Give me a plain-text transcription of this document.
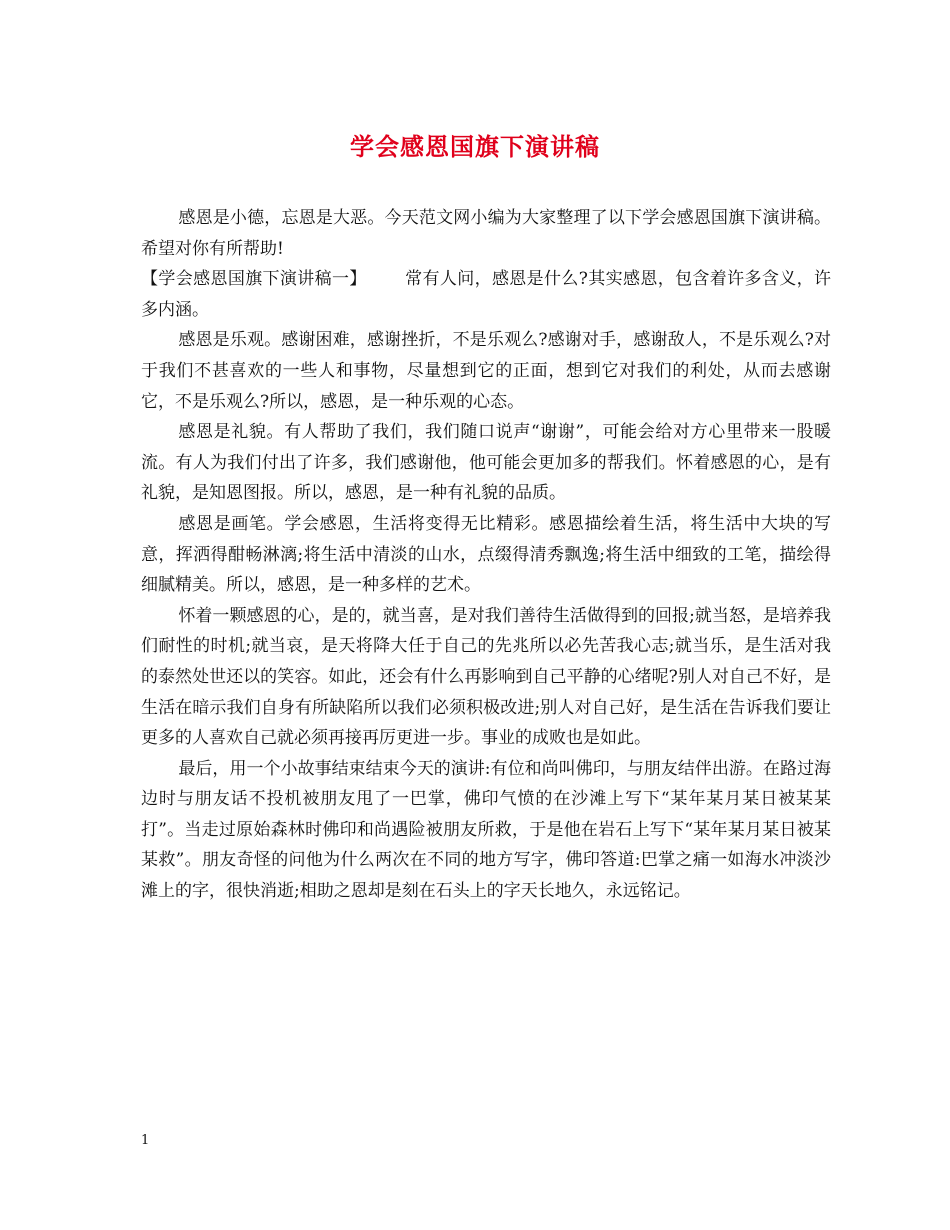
学会感恩国旗下演讲稿

感恩是小德，忘恩是大恶。今天范文网小编为大家整理了以下学会感恩国旗下演讲稿。希望对你有所帮助!

【学会感恩国旗下演讲稿一】 常有人问，感恩是什么?其实感恩，包含着许多含义，许多内涵。

感恩是乐观。感谢困难，感谢挫折，不是乐观么?感谢对手，感谢敌人，不是乐观么?对于我们不甚喜欢的一些人和事物，尽量想到它的正面，想到它对我们的利处，从而去感谢它，不是乐观么?所以，感恩，是一种乐观的心态。

感恩是礼貌。有人帮助了我们，我们随口说声“谢谢”，可能会给对方心里带来一股暖流。有人为我们付出了许多，我们感谢他，他可能会更加多的帮我们。怀着感恩的心，是有礼貌，是知恩图报。所以，感恩，是一种有礼貌的品质。

感恩是画笔。学会感恩，生活将变得无比精彩。感恩描绘着生活，将生活中大块的写意，挥洒得酣畅淋漓;将生活中清淡的山水，点缀得清秀飘逸;将生活中细致的工笔，描绘得细腻精美。所以，感恩，是一种多样的艺术。

怀着一颗感恩的心，是的，就当喜，是对我们善待生活做得到的回报;就当怒，是培养我们耐性的时机;就当哀，是天将降大任于自己的先兆所以必先苦我心志;就当乐，是生活对我的泰然处世还以的笑容。如此，还会有什么再影响到自己平静的心绪呢?别人对自己不好，是生活在暗示我们自身有所缺陷所以我们必须积极改进;别人对自己好，是生活在告诉我们要让更多的人喜欢自己就必须再接再厉更进一步。事业的成败也是如此。

最后，用一个小故事结束结束今天的演讲:有位和尚叫佛印，与朋友结伴出游。在路过海边时与朋友话不投机被朋友甩了一巴掌，佛印气愤的在沙滩上写下“某年某月某日被某某打”。当走过原始森林时佛印和尚遇险被朋友所救，于是他在岩石上写下“某年某月某日被某某救”。朋友奇怪的问他为什么两次在不同的地方写字，佛印答道:巴掌之痛一如海水冲淡沙滩上的字，很快消逝;相助之恩却是刻在石头上的字天长地久，永远铭记。

1
